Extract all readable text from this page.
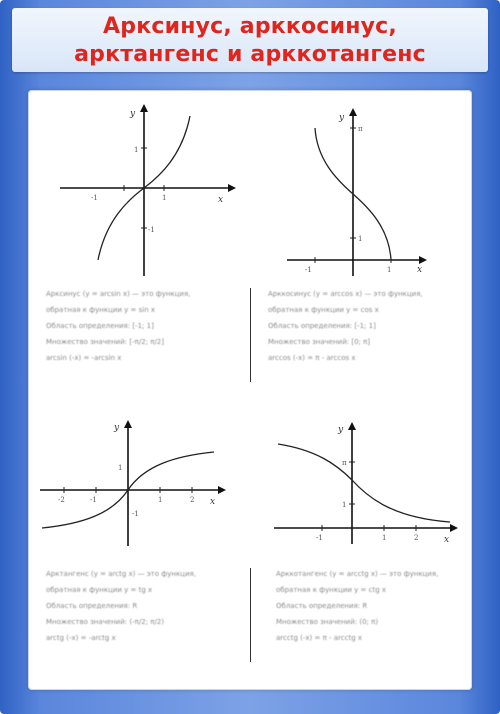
Арксинус, арккосинус,
арктангенс и арккотангенс
x
y
-1	1
1
-1
x
y
-1	1
π
1
Арксинус (y = arcsin x) — это функция,
обратная к функции y = sin x
Область определения: [-1; 1]
Множество значений: [-π/2; π/2]
arcsin (-x) = -arcsin x
Арккосинус (y = arccos x) — это функция,
обратная к функции y = cos x
Область определения: [-1; 1]
Множество значений: [0; π]
arccos (-x) = π - arccos x
x
y
-2	-1	1	2
1
-1
x
y
-1	1	2
π
1
Арктангенс (y = arctg x) — это функция,
обратная к функции y = tg x
Область определения: R
Множество значений: (-π/2; π/2)
arctg (-x) = -arctg x
Арккотангенс (y = arcctg x) — это функция,
обратная к функции y = ctg x
Область определения: R
Множество значений: (0; π)
arcctg (-x) = π - arcctg x
